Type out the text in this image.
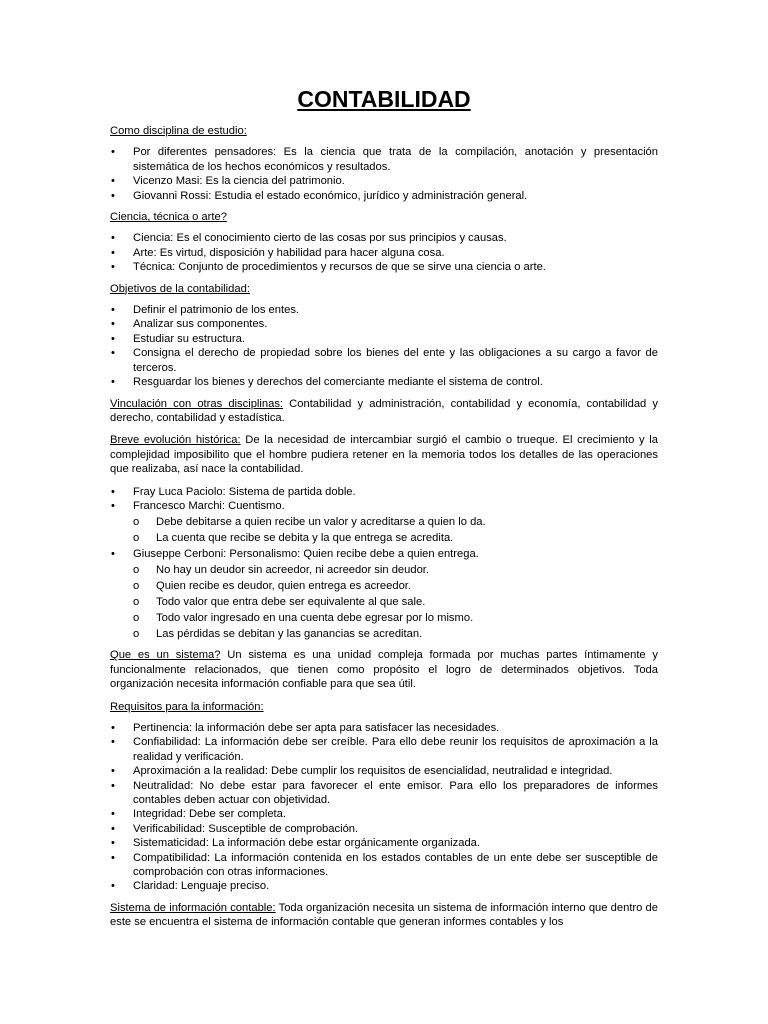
CONTABILIDAD
Como disciplina de estudio:
• Por diferentes pensadores: Es la ciencia que trata de la compilación, anotación y presentación sistemática de los hechos económicos y resultados.
• Vicenzo Masi: Es la ciencia del patrimonio.
• Giovanni Rossi: Estudia el estado económico, jurídico y administración general.
Ciencia, técnica o arte?
• Ciencia: Es el conocimiento cierto de las cosas por sus principios y causas.
• Arte: Es virtud, disposición y habilidad para hacer alguna cosa.
• Técnica: Conjunto de procedimientos y recursos de que se sirve una ciencia o arte.
Objetivos de la contabilidad:
• Definir el patrimonio de los entes.
• Analizar sus componentes.
• Estudiar su estructura.
• Consigna el derecho de propiedad sobre los bienes del ente y las obligaciones a su cargo a favor de terceros.
• Resguardar los bienes y derechos del comerciante mediante el sistema de control.

Vinculación con otras disciplinas: Contabilidad y administración, contabilidad y economía, contabilidad y derecho, contabilidad y estadística.

Breve evolución histórica: De la necesidad de intercambiar surgió el cambio o trueque. El crecimiento y la complejidad imposibilito que el hombre pudiera retener en la memoria todos los detalles de las operaciones que realizaba, así nace la contabilidad.

• Fray Luca Paciolo: Sistema de partida doble.
• Francesco Marchi: Cuentismo.
o Debe debitarse a quien recibe un valor y acreditarse a quien lo da.
o La cuenta que recibe se debita y la que entrega se acredita.
• Giuseppe Cerboni: Personalismo: Quien recibe debe a quien entrega.
o No hay un deudor sin acreedor, ni acreedor sin deudor.
o Quien recibe es deudor, quien entrega es acreedor.
o Todo valor que entra debe ser equivalente al que sale.
o Todo valor ingresado en una cuenta debe egresar por lo mismo.
o Las pérdidas se debitan y las ganancias se acreditan.

Que es un sistema? Un sistema es una unidad compleja formada por muchas partes íntimamente y funcionalmente relacionados, que tienen como propósito el logro de determinados objetivos. Toda organización necesita información confiable para que sea útil.

Requisitos para la información:
• Pertinencia: la información debe ser apta para satisfacer las necesidades.
• Confiabilidad: La información debe ser creíble. Para ello debe reunir los requisitos de aproximación a la realidad y verificación.
• Aproximación a la realidad: Debe cumplir los requisitos de esencialidad, neutralidad e integridad.
• Neutralidad: No debe estar para favorecer el ente emisor. Para ello los preparadores de informes contables deben actuar con objetividad.
• Integridad: Debe ser completa.
• Verificabilidad: Susceptible de comprobación.
• Sistematicidad: La información debe estar orgánicamente organizada.
• Compatibilidad: La información contenida en los estados contables de un ente debe ser susceptible de comprobación con otras informaciones.
• Claridad: Lenguaje preciso.

Sistema de información contable: Toda organización necesita un sistema de información interno que dentro de este se encuentra el sistema de información contable que generan informes contables y los
